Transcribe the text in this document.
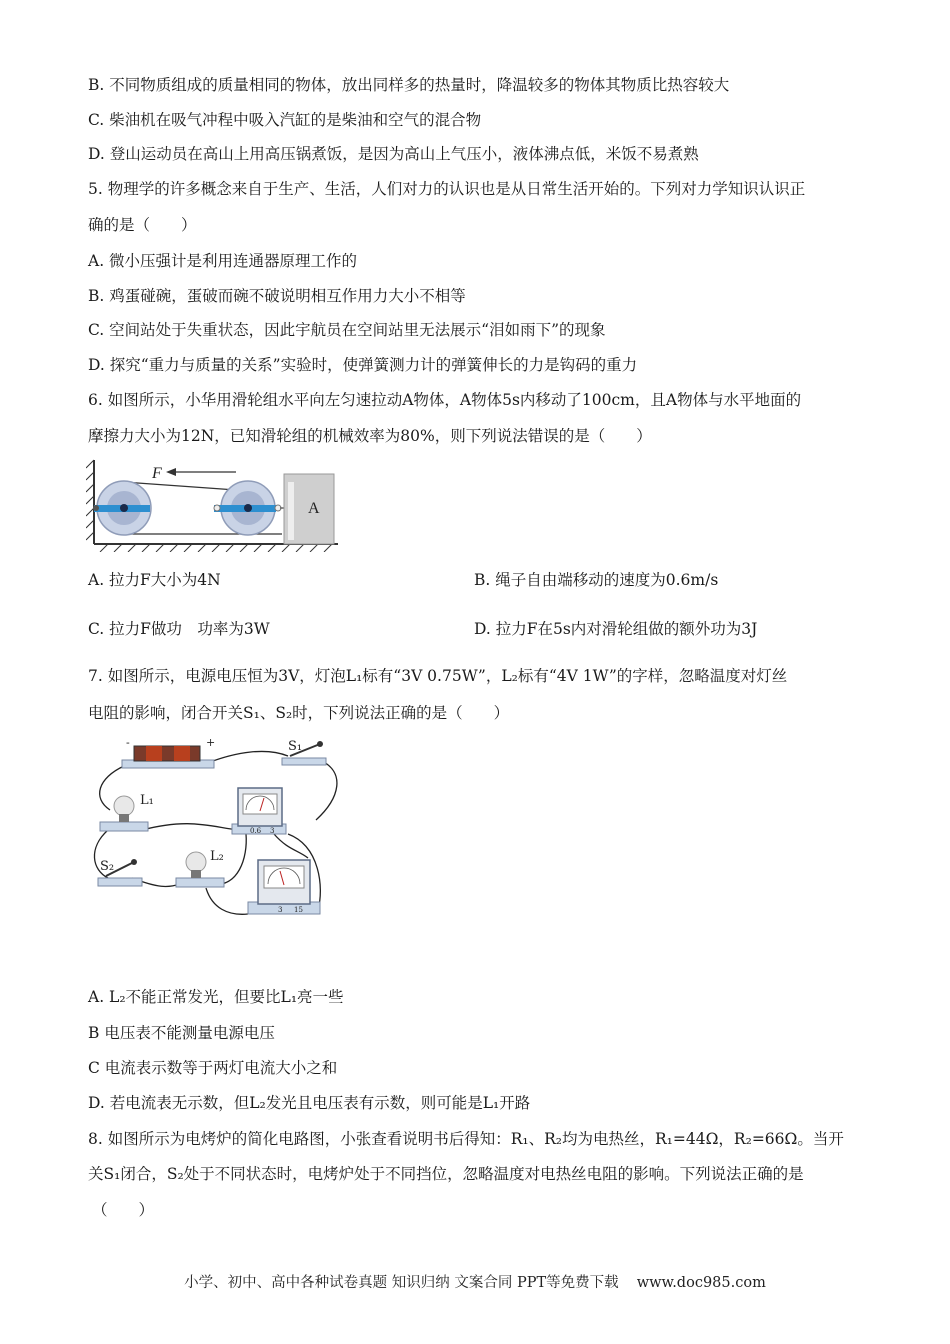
B. 不同物质组成的质量相同的物体，放出同样多的热量时，降温较多的物体其物质比热容较大
C. 柴油机在吸气冲程中吸入汽缸的是柴油和空气的混合物
D. 登山运动员在高山上用高压锅煮饭，是因为高山上气压小，液体沸点低，米饭不易煮熟
5. 物理学的许多概念来自于生产、生活，人们对力的认识也是从日常生活开始的。下列对力学知识认识正
确的是（　　）
A. 微小压强计是利用连通器原理工作的
B. 鸡蛋碰碗，蛋破而碗不破说明相互作用力大小不相等
C. 空间站处于失重状态，因此宇航员在空间站里无法展示“泪如雨下”的现象
D. 探究“重力与质量的关系”实验时，使弹簧测力计的弹簧伸长的力是钩码的重力
6. 如图所示，小华用滑轮组水平向左匀速拉动A物体，A物体5s内移动了100cm，且A物体与水平地面的
摩擦力大小为12N，已知滑轮组的机械效率为80%，则下列说法错误的是（　　）
A
F
A. 拉力F大小为4N	B. 绳子自由端移动的速度为0.6m/s
C. 拉力F做功　功率为3W	D. 拉力F在5s内对滑轮组做的额外功为3J
7. 如图所示，电源电压恒为3V，灯泡L₁标有“3V 0.75W”，L₂标有“4V 1W”的字样，忽略温度对灯丝
电阻的影响，闭合开关S₁、S₂时，下列说法正确的是（　　）
-	+	S₁
L₁
0.6 3
S₂
L₂
3 15
A. L₂不能正常发光，但要比L₁亮一些
B 电压表不能测量电源电压
C 电流表示数等于两灯电流大小之和
D. 若电流表无示数，但L₂发光且电压表有示数，则可能是L₁开路
8. 如图所示为电烤炉的简化电路图，小张查看说明书后得知：R₁、R₂均为电热丝，R₁=44Ω，R₂=66Ω。当开
关S₁闭合，S₂处于不同状态时，电烤炉处于不同挡位，忽略温度对电热丝电阻的影响。下列说法正确的是
（　　）
小学、初中、高中各种试卷真题 知识归纳 文案合同 PPT等免费下载 www.doc985.com
